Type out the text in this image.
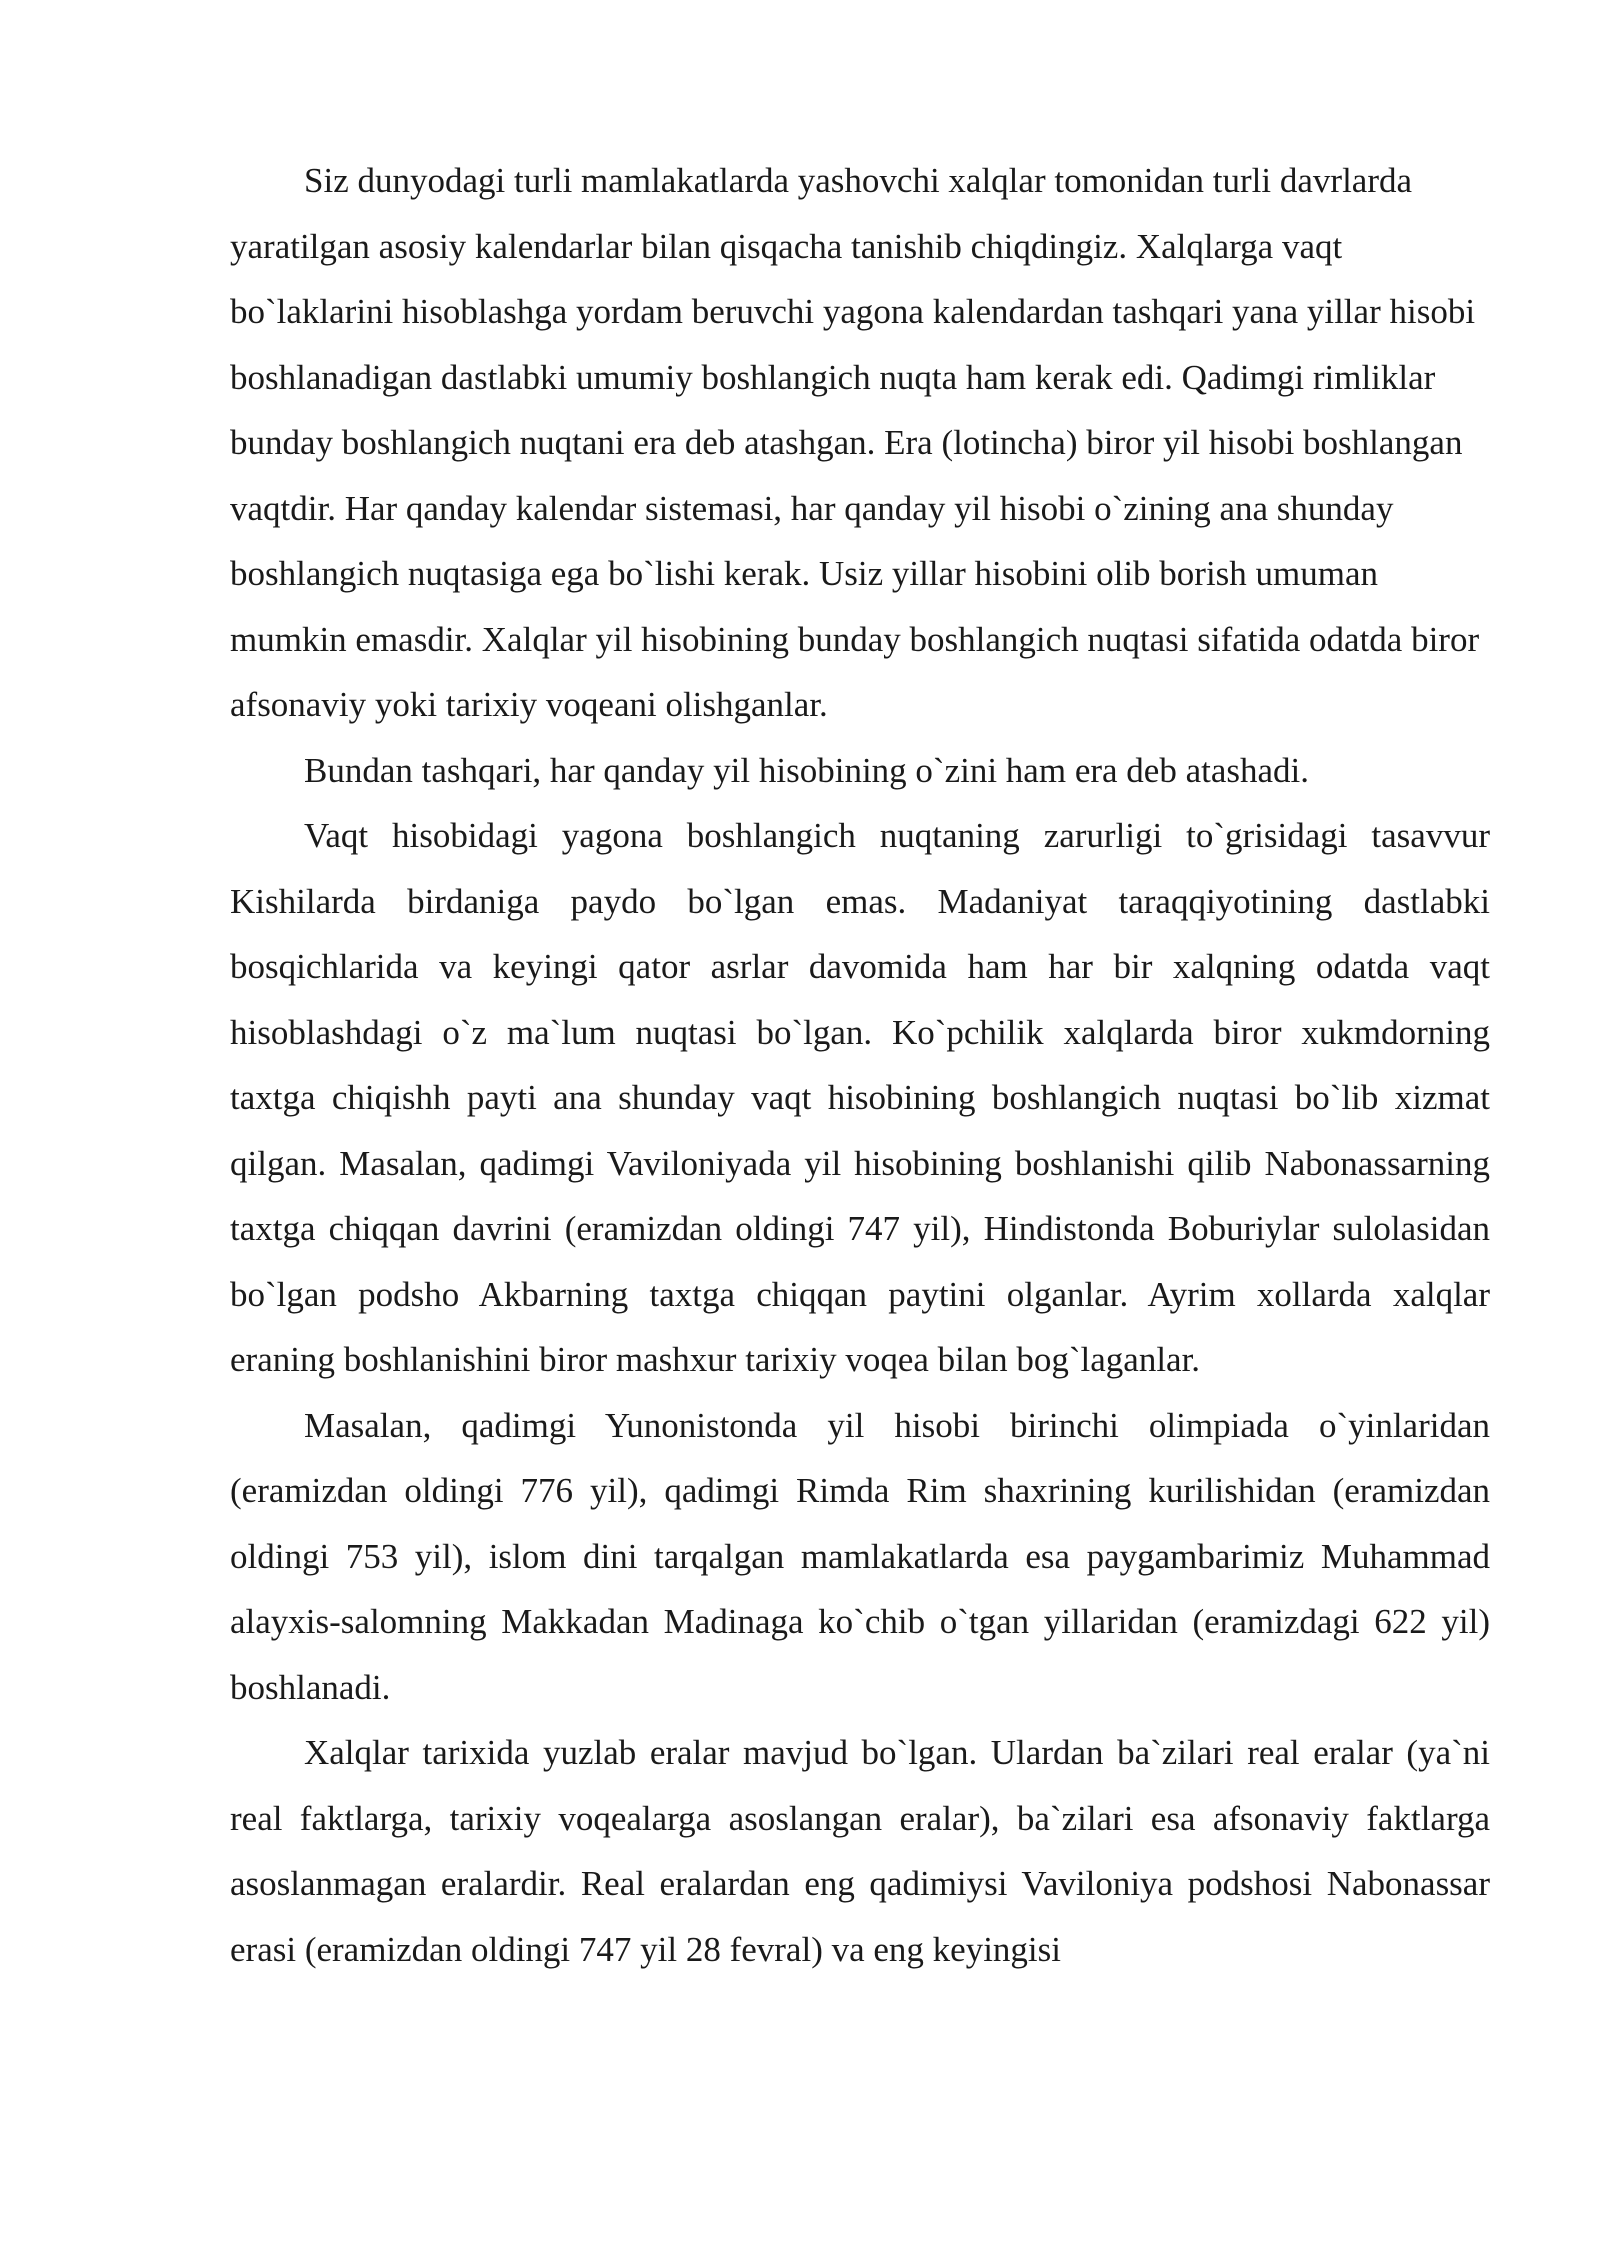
Siz dunyodagi turli mamlakatlarda yashovchi xalqlar tomonidan turli davrlarda yaratilgan asosiy kalendarlar bilan qisqacha tanishib chiqdingiz. Xalqlarga vaqt bo`laklarini hisoblashga yordam beruvchi yagona kalendardan tashqari yana yillar hisobi boshlanadigan dastlabki umumiy boshlangich nuqta ham kerak edi. Qadimgi rimliklar bunday boshlangich nuqtani era deb atashgan. Era (lotincha) biror yil hisobi boshlangan vaqtdir. Har qanday kalendar sistemasi, har qanday yil hisobi o`zining ana shunday boshlangich nuqtasiga ega bo`lishi kerak. Usiz yillar hisobini olib borish umuman mumkin emasdir. Xalqlar yil hisobining bunday boshlangich nuqtasi sifatida odatda biror afsonaviy yoki tarixiy voqeani olishganlar.

Bundan tashqari, har qanday yil hisobining o`zini ham era deb atashadi.

Vaqt hisobidagi yagona boshlangich nuqtaning zarurligi to`grisidagi tasavvur Kishilarda birdaniga paydo bo`lgan emas. Madaniyat taraqqiyotining dastlabki bosqichlarida va keyingi qator asrlar davomida ham har bir xalqning odatda vaqt hisoblashdagi o`z ma`lum nuqtasi bo`lgan. Ko`pchilik xalqlarda biror xukmdorning taxtga chiqishh payti ana shunday vaqt hisobining boshlangich nuqtasi bo`lib xizmat qilgan. Masalan, qadimgi Vaviloniyada yil hisobining boshlanishi qilib Nabonassarning taxtga chiqqan davrini (eramizdan oldingi 747 yil), Hindistonda Boburiylar sulolasidan bo`lgan podsho Akbarning taxtga chiqqan paytini olganlar. Ayrim xollarda xalqlar eraning boshlanishini biror mashxur tarixiy voqea bilan bog`laganlar.

Masalan, qadimgi Yunonistonda yil hisobi birinchi olimpiada o`yinlaridan (eramizdan oldingi 776 yil), qadimgi Rimda Rim shaxrining kurilishidan (eramizdan oldingi 753 yil), islom dini tarqalgan mamlakatlarda esa paygambarimiz Muhammad alayxis-salomning Makkadan Madinaga ko`chib o`tgan yillaridan (eramizdagi 622 yil) boshlanadi.

Xalqlar tarixida yuzlab eralar mavjud bo`lgan. Ulardan ba`zilari real eralar (ya`ni real faktlarga, tarixiy voqealarga asoslangan eralar), ba`zilari esa afsonaviy faktlarga asoslanmagan eralardir. Real eralardan eng qadimiysi Vaviloniya podshosi Nabonassar erasi (eramizdan oldingi 747 yil 28 fevral) va eng keyingisi
